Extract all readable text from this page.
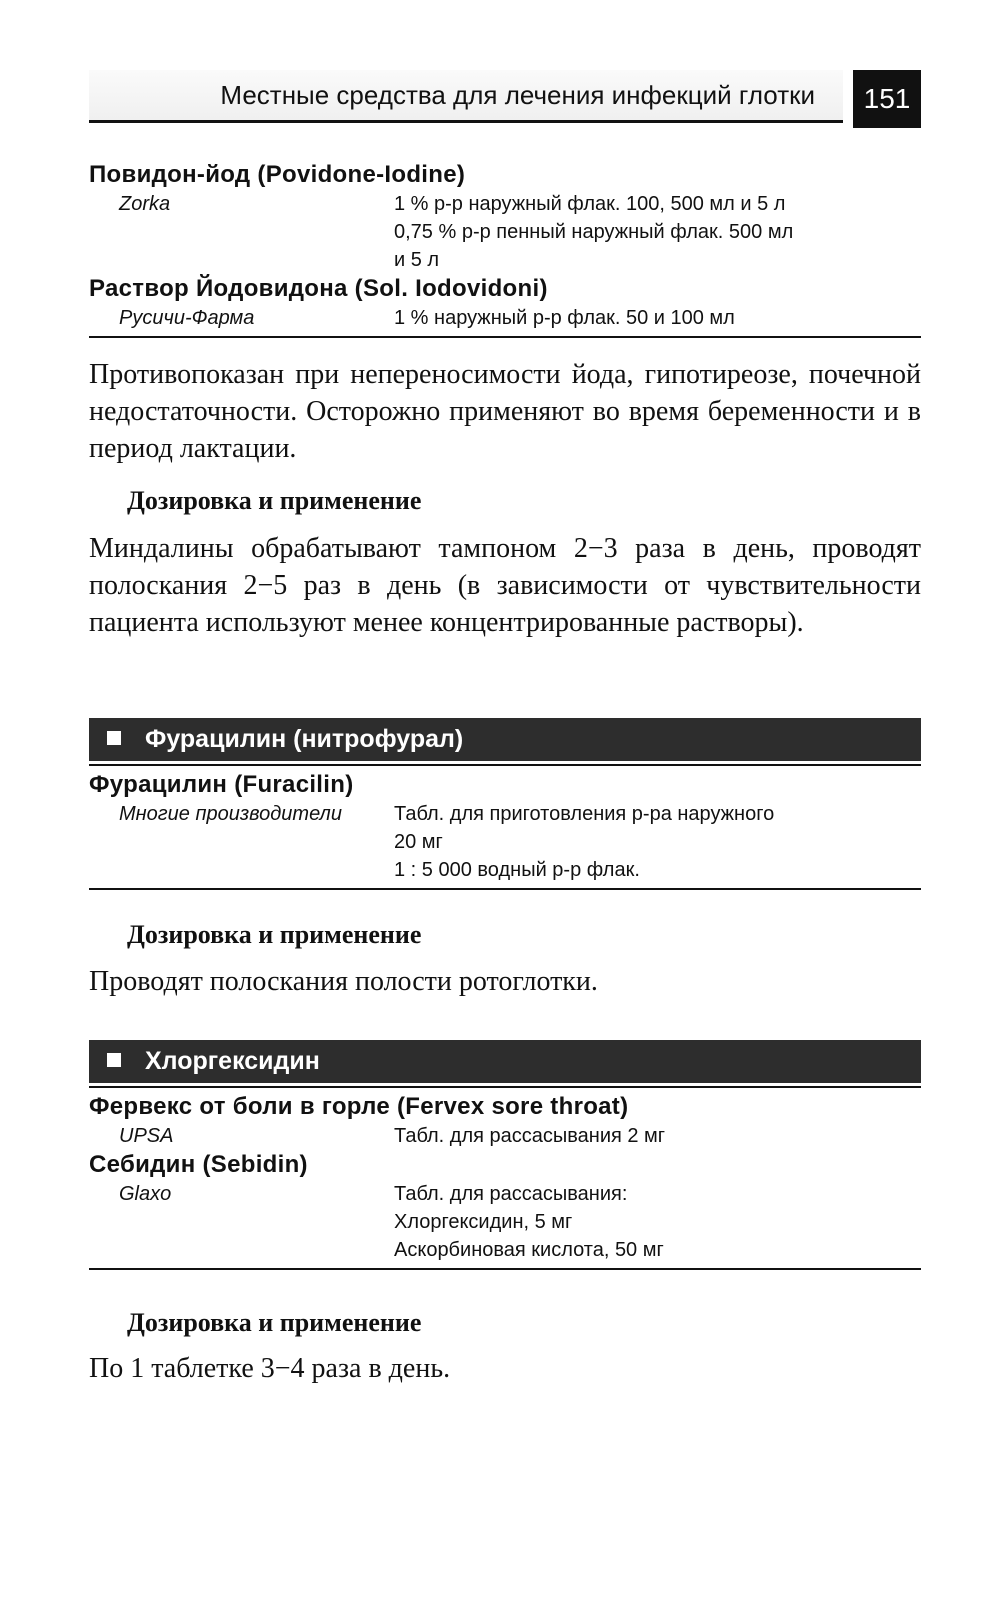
Местные средства для лечения инфекций глотки	151
Повидон-йод (Povidone-Iodine)
Zorka	1 % р-р наружный флак. 100, 500 мл и 5 л
0,75 % р-р пенный наружный флак. 500 мл
и 5 л
Раствор Йодовидона (Sol. Iodovidoni)
Русичи-Фарма	1 % наружный р-р флак. 50 и 100 мл
Противопоказан при непереносимости йода, гипотиреозе, почечной недостаточности. Осторожно применяют во время беременности и в период лактации.
Дозировка и применение
Миндалины обрабатывают тампоном 2−3 раза в день, проводят полоскания 2−5 раз в день (в зависимости от чувствительности пациента используют менее концентрированные растворы).
Фурацилин (нитрофурал)
Фурацилин (Furacilin)
Многие производители	Табл. для приготовления р-ра наружного
20 мг
1 : 5 000 водный р-р флак.
Дозировка и применение
Проводят полоскания полости ротоглотки.
Хлоргексидин
Фервекс от боли в горле (Fervex sore throat)
UPSA	Табл. для рассасывания 2 мг
Себидин (Sebidin)
Glaxo	Табл. для рассасывания:
Хлоргексидин, 5 мг
Аскорбиновая кислота, 50 мг
Дозировка и применение
По 1 таблетке 3−4 раза в день.
